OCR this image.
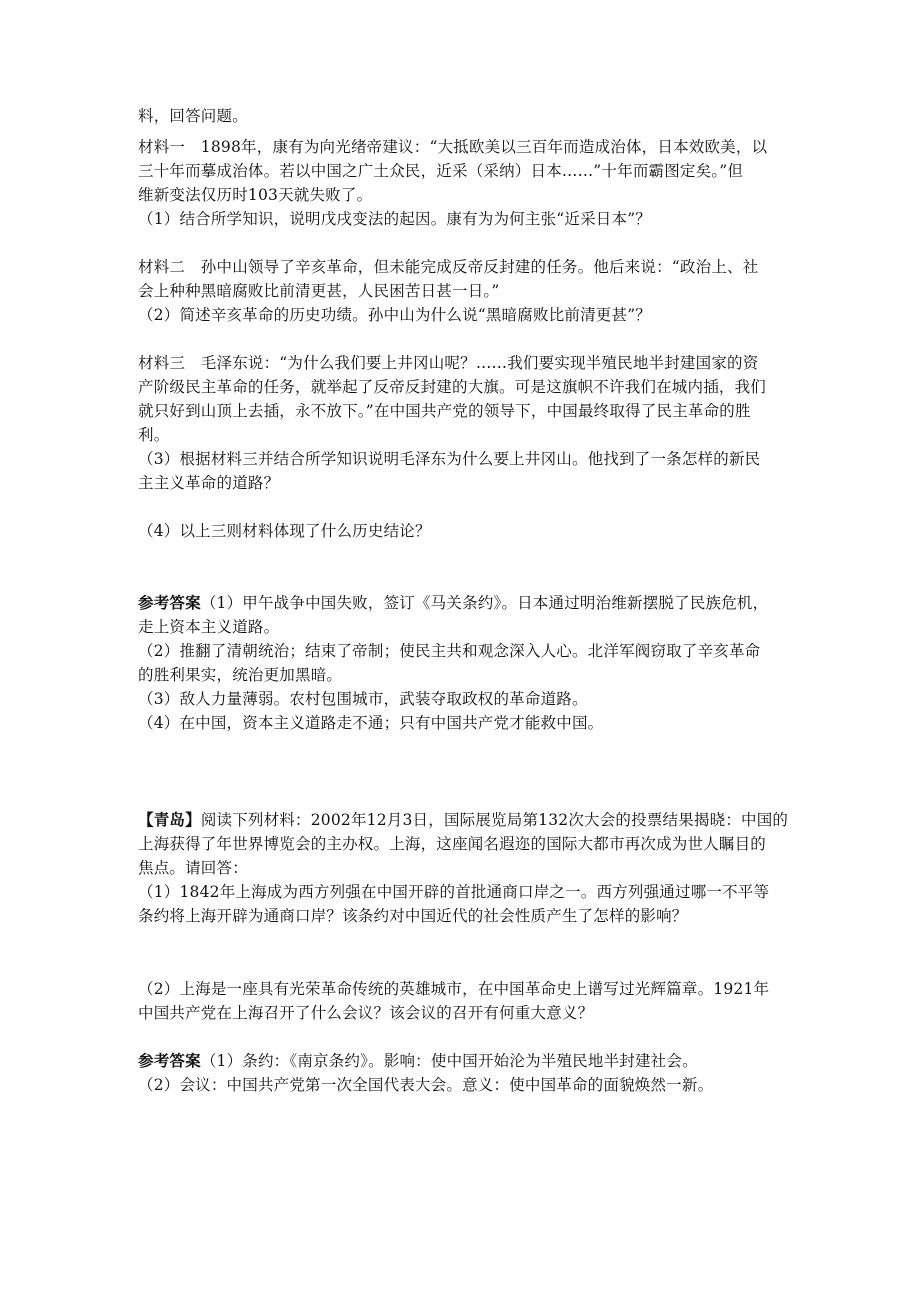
料，回答问题。
材料一　1898年，康有为向光绪帝建议：“大抵欧美以三百年而造成治体，日本效欧美，以
三十年而摹成治体。若以中国之广土众民，近采（采纳）日本……”十年而霸图定矣。”但
维新变法仅历时103天就失败了。
（1）结合所学知识，说明戊戌变法的起因。康有为为何主张“近采日本”？
材料二　孙中山领导了辛亥革命，但未能完成反帝反封建的任务。他后来说：“政治上、社
会上种种黑暗腐败比前清更甚，人民困苦日甚一日。”
（2）简述辛亥革命的历史功绩。孙中山为什么说“黑暗腐败比前清更甚”？
材料三　毛泽东说：“为什么我们要上井冈山呢？……我们要实现半殖民地半封建国家的资
产阶级民主革命的任务，就举起了反帝反封建的大旗。可是这旗帜不许我们在城内插，我们
就只好到山顶上去插，永不放下。”在中国共产党的领导下，中国最终取得了民主革命的胜
利。
（3）根据材料三并结合所学知识说明毛泽东为什么要上井冈山。他找到了一条怎样的新民
主主义革命的道路？
（4）以上三则材料体现了什么历史结论？
参考答案（1）甲午战争中国失败，签订《马关条约》。日本通过明治维新摆脱了民族危机，
走上资本主义道路。
（2）推翻了清朝统治；结束了帝制；使民主共和观念深入人心。北洋军阀窃取了辛亥革命
的胜利果实，统治更加黑暗。
（3）敌人力量薄弱。农村包围城市，武装夺取政权的革命道路。
（4）在中国，资本主义道路走不通；只有中国共产党才能救中国。
【青岛】阅读下列材料：2002年12月3日，国际展览局第132次大会的投票结果揭晓：中国的
上海获得了年世界博览会的主办权。上海，这座闻名遐迩的国际大都市再次成为世人瞩目的
焦点。请回答：
（1）1842年上海成为西方列强在中国开辟的首批通商口岸之一。西方列强通过哪一不平等
条约将上海开辟为通商口岸？该条约对中国近代的社会性质产生了怎样的影响？
（2）上海是一座具有光荣革命传统的英雄城市，在中国革命史上谱写过光辉篇章。1921年
中国共产党在上海召开了什么会议？该会议的召开有何重大意义？
参考答案（1）条约：《南京条约》。影响：使中国开始沦为半殖民地半封建社会。
（2）会议：中国共产党第一次全国代表大会。意义：使中国革命的面貌焕然一新。
